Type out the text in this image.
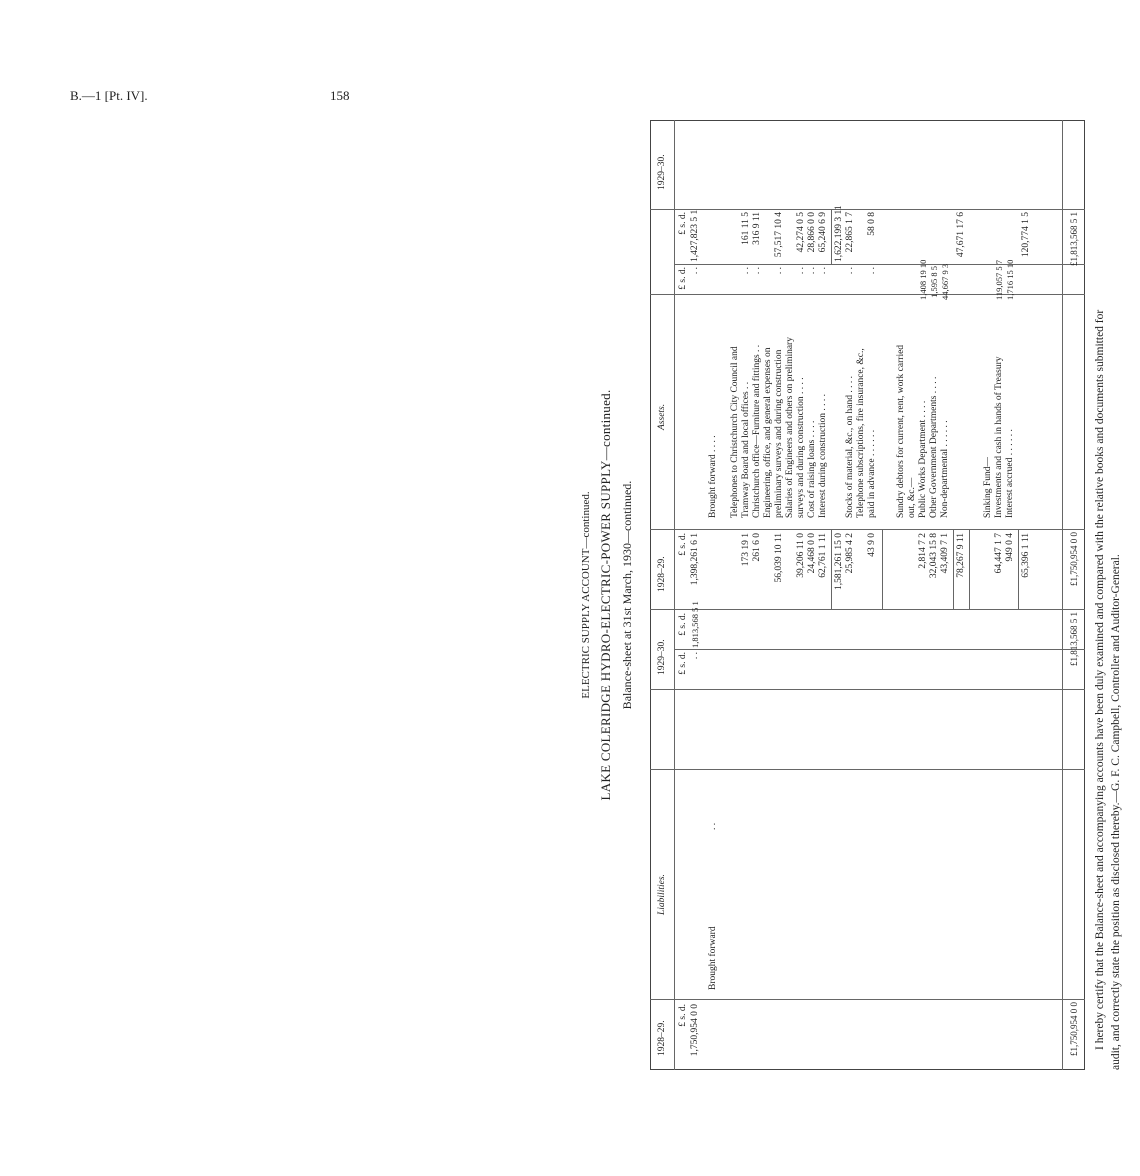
B.—1 [Pt. IV].	158
ELECTRIC SUPPLY ACCOUNT—continued. LAKE COLERIDGE HYDRO-ELECTRIC-POWER SUPPLY—continued. Balance-sheet at 31st March, 1930—continued.
1928–29.
Liabilities.
1929–30.
1928–29.
Assets.
1929–30.
£ s. d.
£ s. d.
£ s. d.
£ s. d.
£ s. d.
£ s. d.
1,750,954 0 0
Brought forward
. .
. .
1,813,568 5 1
1,398,261 6 1
Brought forward . . . .
. .
1,427,823 5 1
Telephones to Christchurch City Council and Tramway Board and local offices . .
173 19 1
. .
161 11 5
Christchurch office—Furniture and fittings . .
261 6 0
. .
316 9 11
Engineering, office, and general expenses on preliminary surveys and during construction
56,039 10 11
. .
57,517 10 4
Salaries of Engineers and others on preliminary surveys and during construction . . . .
39,206 11 0
. .
42,274 0 5
Cost of raising loans . . . .
24,468 0 0
. .
28,866 0 0
Interest during construction . . . .
62,761 1 11
. .
65,240 6 9
1,581,261 15 0
1,622,199 3 11
Stocks of material, &c., on hand . . . .
25,985 4 2
. .
22,865 1 7
Telephone subscriptions, fire insurance, &c., paid in advance . . . . . .
43 9 0
. .
58 0 8
Sundry debtors for current, rent, work carried out, &c.— Public Works Department . . . .
2,814 7 2
1,408 19 10
Other Government Departments . . . .
32,043 15 8
1,595 8 5
Non-departmental . . . . . .
43,409 7 1
44,667 9 3
78,267 9 11
47,671 17 6
Sinking Fund— Investments and cash in hands of Treasury
64,447 1 7
119,057 5 7
Interest accrued . . . . . .
949 0 4
1,716 15 10
65,396 1 11
120,774 1 5
£1,750,954 0 0
£1,813,568 5 1
£1,750,954 0 0
£1,813,568 5 1
I hereby certify that the Balance-sheet and accompanying accounts have been duly examined and compared with the relative books and documents submitted for audit, and correctly state the position as disclosed thereby.—G. F. C. Campbell, Controller and Auditor-General.
